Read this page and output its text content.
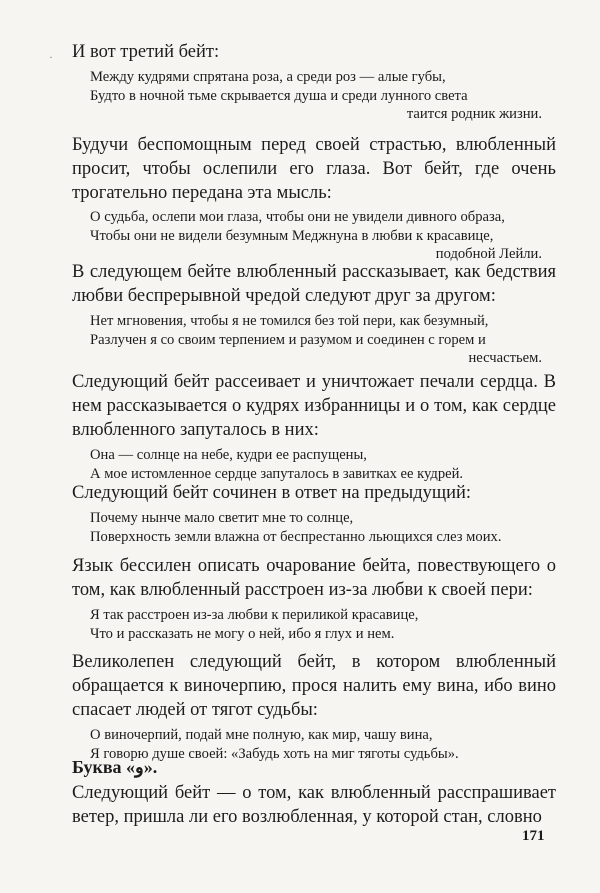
· И вот третий бейт:

Между кудрями спрятана роза, а среди роз — алые губы,
Будто в ночной тьме скрывается душа и среди лунного света
таится родник жизни.

Будучи беспомощным перед своей страстью, влюбленный просит, чтобы ослепили его глаза. Вот бейт, где очень трогательно передана эта мысль:

О судьба, ослепи мои глаза, чтобы они не увидели дивного образа,
Чтобы они не видели безумным Меджнуна в любви к красавице,
подобной Лейли.

В следующем бейте влюбленный рассказывает, как бедствия любви беспрерывной чредой следуют друг за другом:

Нет мгновения, чтобы я не томился без той пери, как безумный,
Разлучен я со своим терпением и разумом и соединен с горем и
несчастьем.

Следующий бейт рассеивает и уничтожает печали сердца. В нем рассказывается о кудрях избранницы и о том, как сердце влюбленного запуталось в них:

Она — солнце на небе, кудри ее распущены,
А мое истомленное сердце запуталось в завитках ее кудрей.

Следующий бейт сочинен в ответ на предыдущий:

Почему нынче мало светит мне то солнце,
Поверхность земли влажна от беспрестанно льющихся слез моих.

Язык бессилен описать очарование бейта, повествующего о том, как влюбленный расстроен из-за любви к своей пери:

Я так расстроен из-за любви к периликой красавице,
Что и рассказать не могу о ней, ибо я глух и нем.

Великолепен следующий бейт, в котором влюбленный обращается к виночерпию, прося налить ему вина, ибо вино спасает людей от тягот судьбы:

О виночерпий, подай мне полную, как мир, чашу вина,
Я говорю душе своей: «Забудь хоть на миг тяготы судьбы».
Буква «و».

Следующий бейт — о том, как влюбленный расспрашивает ветер, пришла ли его возлюбленная, у которой стан, словно

171
